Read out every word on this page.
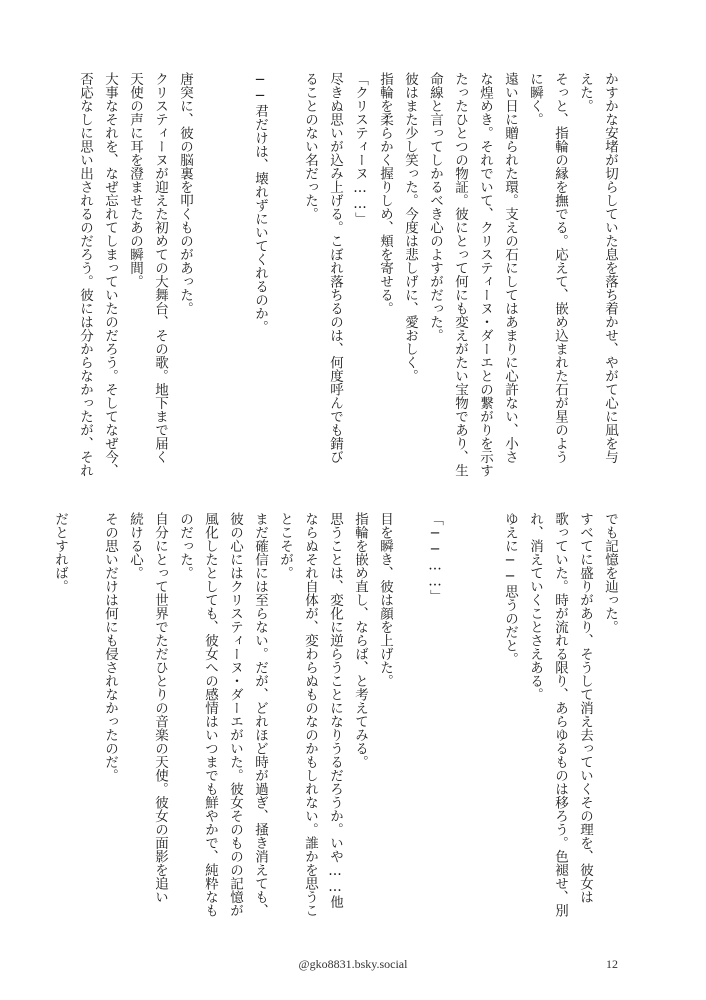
かすかな安堵が切らしていた息を落ち着かせ、やがて心に凪を与
えた。
そっと、指輪の縁を撫でる。応えて、嵌め込まれた石が星のよう
に瞬く。
遠い日に贈られた環。支えの石にしてはあまりに心許ない、小さ
な煌めき。それでいて、クリスティーヌ・ダーエとの繋がりを示す
たったひとつの物証。彼にとって何にも変えがたい宝物であり、生
命線と言ってしかるべき心のよすがだった。
彼はまた少し笑った。今度は悲しげに、愛おしく。
指輪を柔らかく握りしめ、頬を寄せる。
「クリスティーヌ……」
尽きぬ思いが込み上げる。こぼれ落ちるのは、何度呼んでも錆び
ることのない名だった。
──君だけは、壊れずにいてくれるのか。
唐突に、彼の脳裏を叩くものがあった。
クリスティーヌが迎えた初めての大舞台、その歌。地下まで届く
天使の声に耳を澄ませたあの瞬間。
大事なそれを、なぜ忘れてしまっていたのだろう。そしてなぜ今、
否応なしに思い出されるのだろう。彼には分からなかったが、それ
でも記憶を辿った。
すべてに盛りがあり、そうして消え去っていくその理を、彼女は
歌っていた。時が流れる限り、あらゆるものは移ろう。色褪せ、別
れ、消えていくことさえある。
ゆえに──思うのだと。
「──……」
目を瞬き、彼は顔を上げた。
指輪を嵌め直し、ならば、と考えてみる。
思うことは、変化に逆らうことになりうるだろうか。いや……他
ならぬそれ自体が、変わらぬものなのかもしれない。誰かを思うこ
とこそが。
まだ確信には至らない。だが、どれほど時が過ぎ、掻き消えても、
彼の心にはクリスティーヌ・ダーエがいた。彼女そのものの記憶が
風化したとしても、彼女への感情はいつまでも鮮やかで、純粋なも
のだった。
自分にとって世界でただひとりの音楽の天使。彼女の面影を追い
続ける心。
その思いだけは何にも侵されなかったのだ。
だとすれば。
@gko8831.bsky.social	12
